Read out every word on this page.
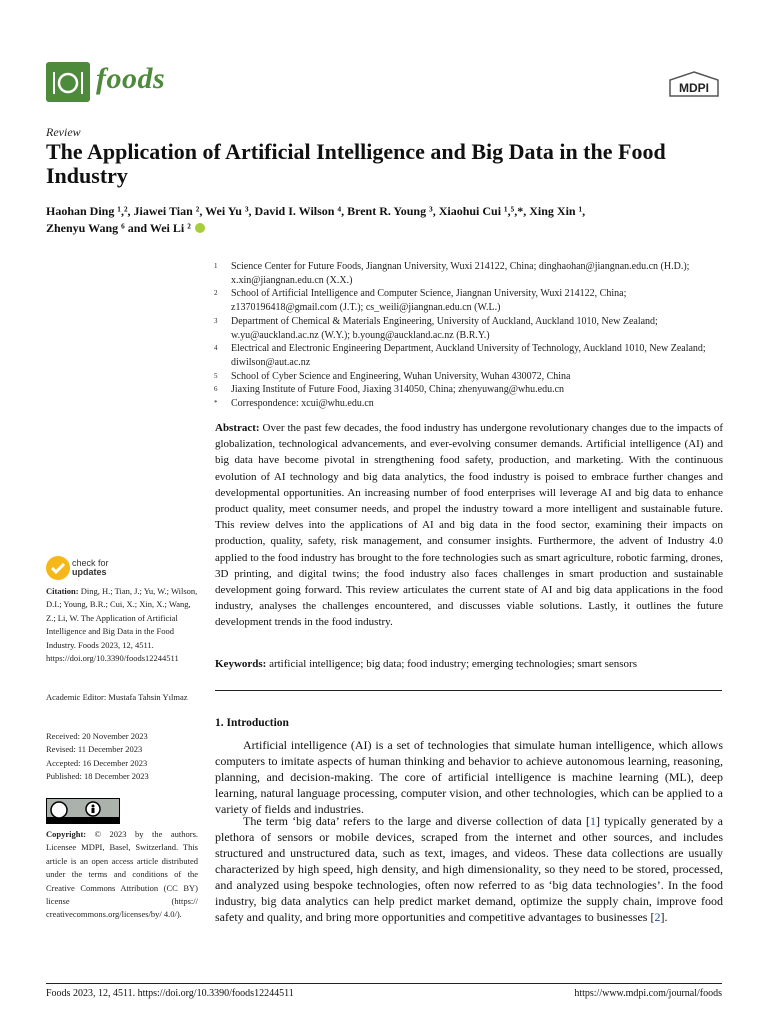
foods	MDPI
Review
The Application of Artificial Intelligence and Big Data in the Food Industry
Haohan Ding ¹,², Jiawei Tian ², Wei Yu ³, David I. Wilson ⁴, Brent R. Young ³, Xiaohui Cui ¹,⁵,*, Xing Xin ¹,
Zhenyu Wang ⁶ and Wei Li ²
1	Science Center for Future Foods, Jiangnan University, Wuxi 214122, China; dinghaohan@jiangnan.edu.cn (H.D.); x.xin@jiangnan.edu.cn (X.X.)
2	School of Artificial Intelligence and Computer Science, Jiangnan University, Wuxi 214122, China; z1370196418@gmail.com (J.T.); cs_weili@jiangnan.edu.cn (W.L.)
3	Department of Chemical & Materials Engineering, University of Auckland, Auckland 1010, New Zealand; w.yu@auckland.ac.nz (W.Y.); b.young@auckland.ac.nz (B.R.Y.)
4	Electrical and Electronic Engineering Department, Auckland University of Technology, Auckland 1010, New Zealand; diwilson@aut.ac.nz
5	School of Cyber Science and Engineering, Wuhan University, Wuhan 430072, China
6	Jiaxing Institute of Future Food, Jiaxing 314050, China; zhenyuwang@whu.edu.cn
*	Correspondence: xcui@whu.edu.cn
Abstract: Over the past few decades, the food industry has undergone revolutionary changes due to the impacts of globalization, technological advancements, and ever-evolving consumer demands. Artificial intelligence (AI) and big data have become pivotal in strengthening food safety, production, and marketing. With the continuous evolution of AI technology and big data analytics, the food industry is poised to embrace further changes and developmental opportunities. An increasing number of food enterprises will leverage AI and big data to enhance product quality, meet consumer needs, and propel the industry toward a more intelligent and sustainable future. This review delves into the applications of AI and big data in the food sector, examining their impacts on production, quality, safety, risk management, and consumer insights. Furthermore, the advent of Industry 4.0 applied to the food industry has brought to the fore technologies such as smart agriculture, robotic farming, drones, 3D printing, and digital twins; the food industry also faces challenges in smart production and sustainable development going forward. This review articulates the current state of AI and big data applications in the food industry, analyses the challenges encountered, and discusses viable solutions. Lastly, it outlines the future development trends in the food industry.
Keywords: artificial intelligence; big data; food industry; emerging technologies; smart sensors
1. Introduction
Artificial intelligence (AI) is a set of technologies that simulate human intelligence, which allows computers to imitate aspects of human thinking and behavior to achieve autonomous learning, reasoning, planning, and decision-making. The core of artificial intelligence is machine learning (ML), deep learning, natural language processing, computer vision, and other technologies, which can be applied to a variety of fields and industries.
The term ‘big data’ refers to the large and diverse collection of data [1] typically generated by a plethora of sensors or mobile devices, scraped from the internet and other sources, and includes structured and unstructured data, such as text, images, and videos. These data collections are usually characterized by high speed, high density, and high dimensionality, so they need to be stored, processed, and analyzed using bespoke technologies, often now referred to as ‘big data technologies’. In the food industry, big data analytics can help predict market demand, optimize the supply chain, improve food safety and quality, and bring more opportunities and competitive advantages to businesses [2].
check for
updates
Citation: Ding, H.; Tian, J.; Yu, W.; Wilson, D.I.; Young, B.R.; Cui, X.; Xin, X.; Wang, Z.; Li, W. The Application of Artificial Intelligence and Big Data in the Food Industry. Foods 2023, 12, 4511. https://doi.org/10.3390/foods12244511
Academic Editor: Mustafa Tahsin Yılmaz
Received: 20 November 2023
Revised: 11 December 2023
Accepted: 16 December 2023
Published: 18 December 2023
Copyright: © 2023 by the authors. Licensee MDPI, Basel, Switzerland. This article is an open access article distributed under the terms and conditions of the Creative Commons Attribution (CC BY) license (https:// creativecommons.org/licenses/by/ 4.0/).
Foods 2023, 12, 4511. https://doi.org/10.3390/foods12244511	https://www.mdpi.com/journal/foods
